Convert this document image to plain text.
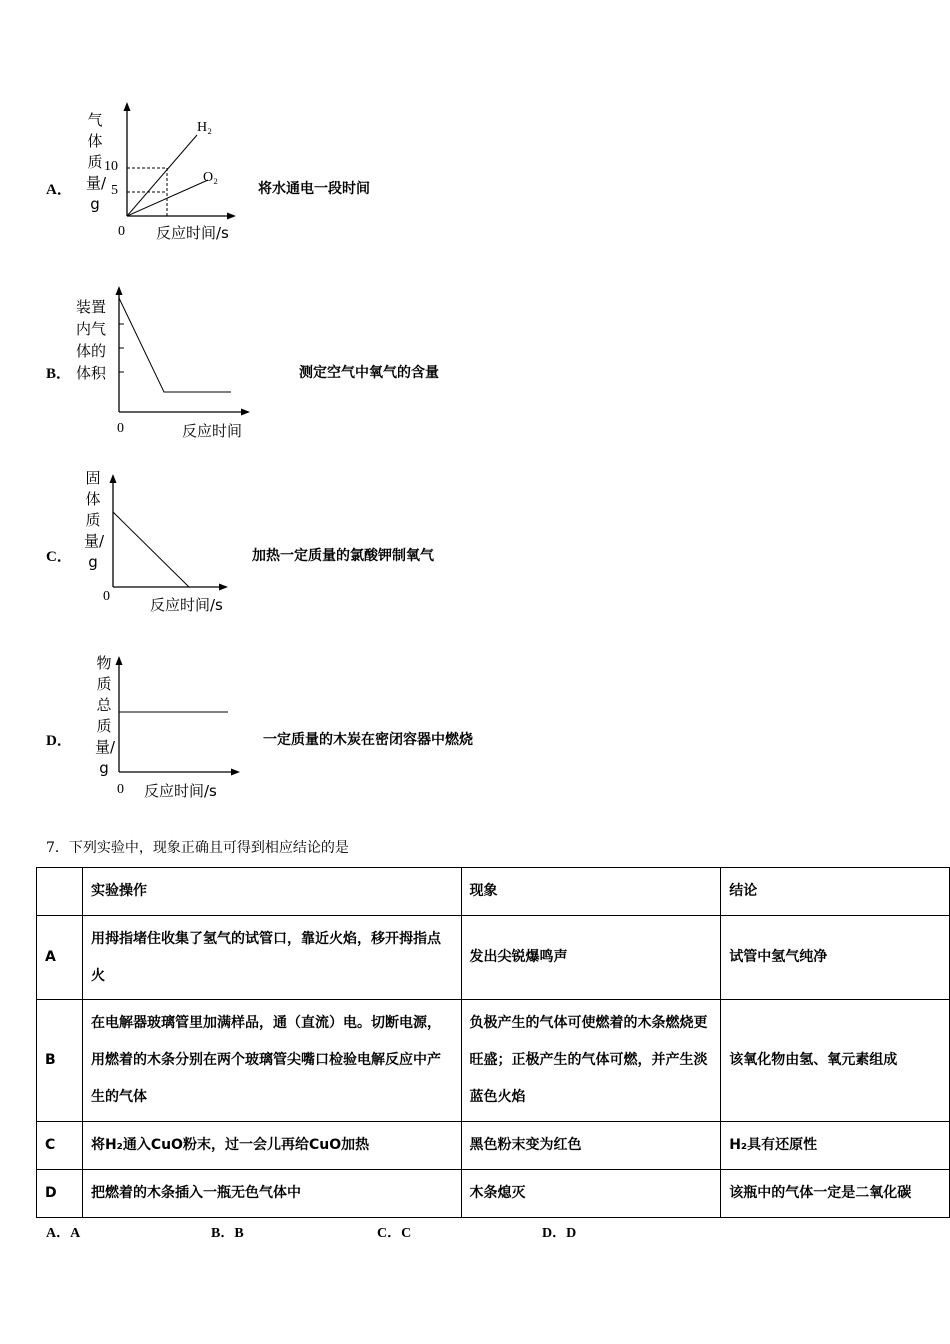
A．
气体质量/g
10
5
H₂
O₂
0 反应时间/s
将水通电一段时间
B．
装置内气体的体积
0	反应时间
测定空气中氧气的含量
C．
固体质量/g
0	反应时间/s
加热一定质量的氯酸钾制氧气
D．
物质总质量/g
0 反应时间/s
一定质量的木炭在密闭容器中燃烧
7．下列实验中，现象正确且可得到相应结论的是
	实验操作	现象	结论
A	用拇指堵住收集了氢气的试管口，靠近火焰，移开拇指点火	发出尖锐爆鸣声	试管中氢气纯净
B	在电解器玻璃管里加满样品，通（直流）电。切断电源，用燃着的木条分别在两个玻璃管尖嘴口检验电解反应中产生的气体	负极产生的气体可使燃着的木条燃烧更旺盛；正极产生的气体可燃，并产生淡蓝色火焰	该氧化物由氢、氧元素组成
C	将H₂通入CuO粉末，过一会儿再给CuO加热	黑色粉末变为红色	H₂具有还原性
D	把燃着的木条插入一瓶无色气体中	木条熄灭	该瓶中的气体一定是二氧化碳
A．A	B．B	C．C	D．D
